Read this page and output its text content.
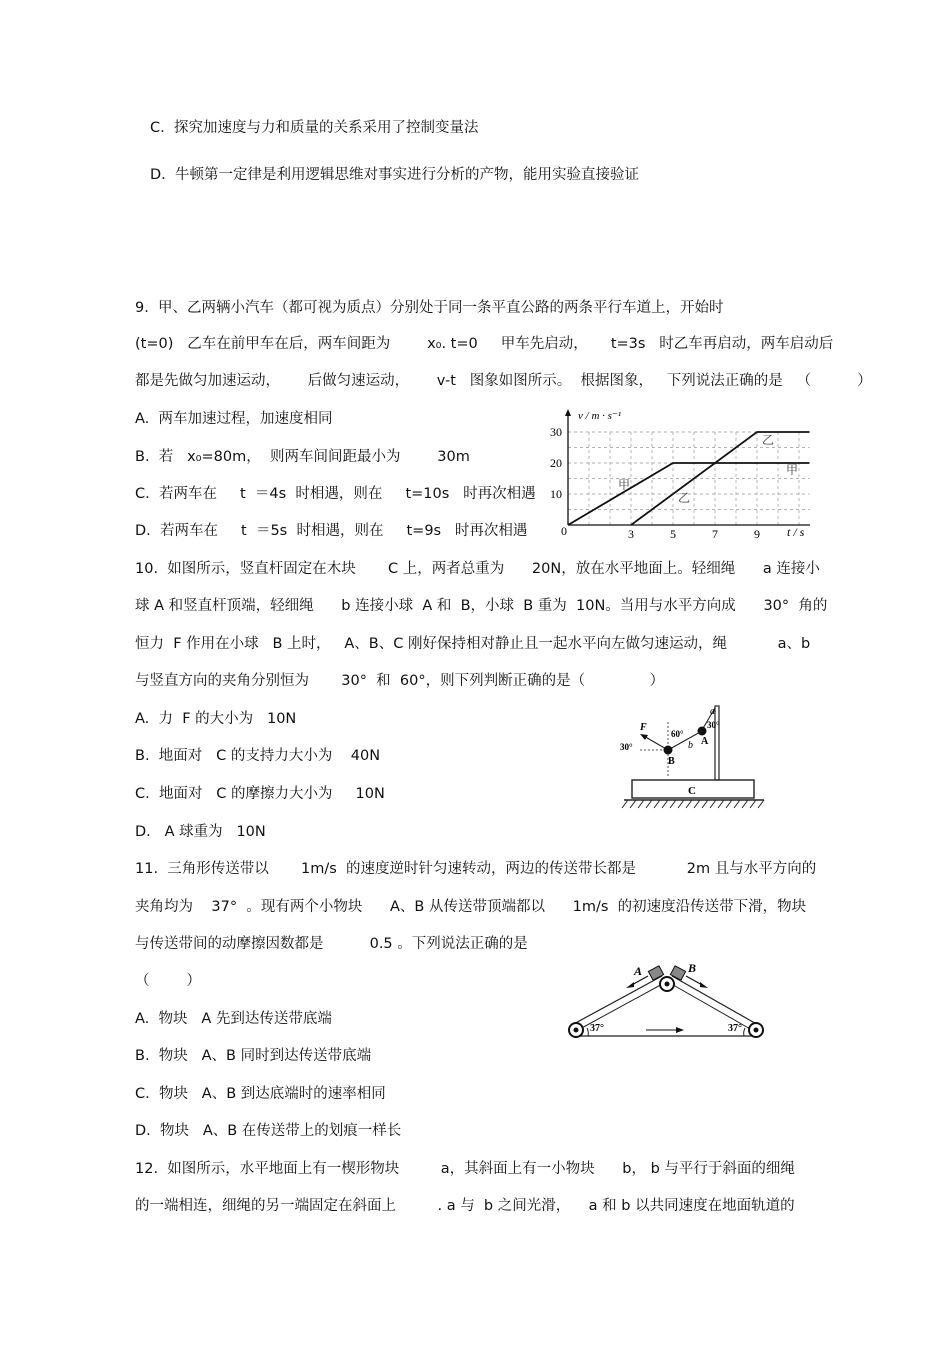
C.  探究加速度与力和质量的关系采用了控制变量法
D.  牛顿第一定律是利用逻辑思维对事实进行分析的产物，能用实验直接验证
9.  甲、乙两辆小汽车（都可视为质点）分别处于同一条平直公路的两条平行车道上，开始时
(t=0)   乙车在前甲车在后，两车间距为        x₀. t=0     甲车先启动，     t=3s   时乙车再启动，两车启动后
都是先做匀加速运动，      后做匀速运动，      v-t   图象如图所示。  根据图象，   下列说法正确的是   （          ）
A.  两车加速过程，加速度相同
B.  若   x₀=80m，  则两车间间距最小为        30m
C.  若两车在     t  ＝4s  时相遇，则在     t=10s   时再次相遇
D.  若两车在     t  ＝5s  时相遇，则在     t=9s   时再次相遇
10
20
30
3	5	7	9
v / m · s⁻¹
t / s
0
甲
乙
甲
乙
10.  如图所示，竖直杆固定在木块       C 上，两者总重为      20N，放在水平地面上。轻细绳      a 连接小
球 A 和竖直杆顶端，轻细绳      b 连接小球  A 和  B，小球  B 重为  10N。当用与水平方向成      30°  角的
恒力  F 作用在小球   B 上时，   A、B、C 刚好保持相对静止且一起水平向左做匀速运动，绳           a、b
与竖直方向的夹角分别恒为       30°  和  60°，则下列判断正确的是（              ）
A.  力  F 的大小为   10N
B.  地面对   C 的支持力大小为    40N
C.  地面对   C 的摩擦力大小为     10N
D.   A 球重为   10N
C
a
30°
A
b
60°
F
30°
B
11.  三角形传送带以       1m/s  的速度逆时针匀速转动，两边的传送带长都是           2m 且与水平方向的
夹角均为    37°  。现有两个小物块      A、B 从传送带顶端都以      1m/s  的初速度沿传送带下滑，物块
与传送带间的动摩擦因数都是          0.5 。下列说法正确的是
（        ）
A.  物块   A 先到达传送带底端
B.  物块   A、B 同时到达传送带底端
C.  物块   A、B 到达底端时的速率相同
D.  物块   A、B 在传送带上的划痕一样长
A	B
37°	37°
12.  如图所示，水平地面上有一楔形物块         a，其斜面上有一小物块      b， b 与平行于斜面的细绳
的一端相连，细绳的另一端固定在斜面上         . a 与  b 之间光滑，    a 和 b 以共同速度在地面轨道的
